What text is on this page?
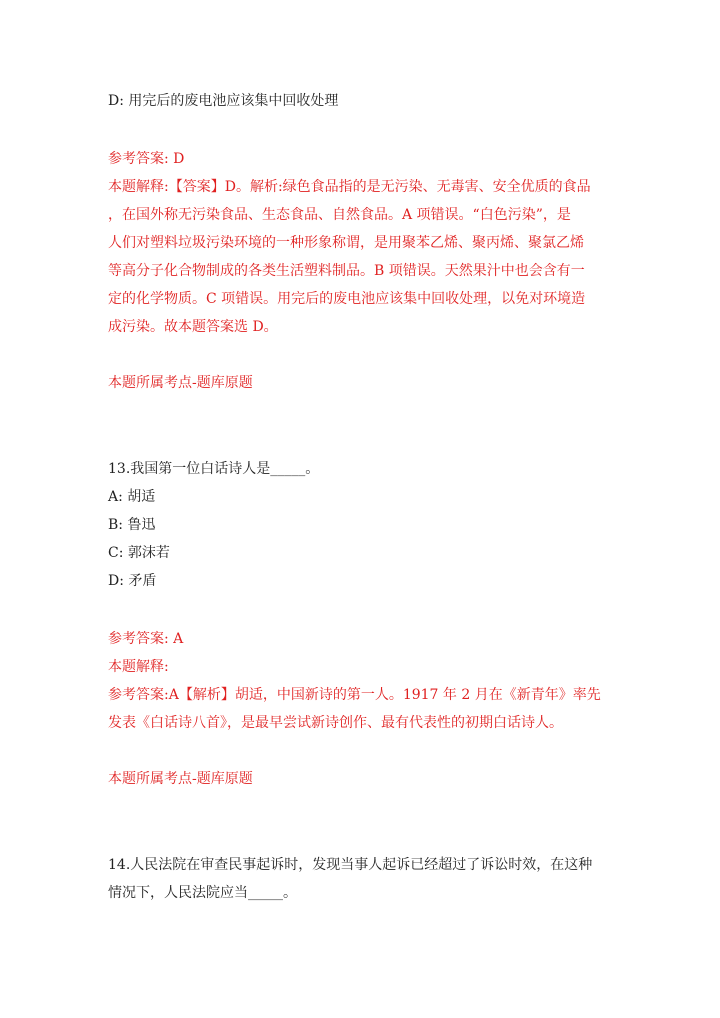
D: 用完后的废电池应该集中回收处理
参考答案: D
本题解释:【答案】D。解析:绿色食品指的是无污染、无毒害、安全优质的食品
，在国外称无污染食品、生态食品、自然食品。A 项错误。“白色污染”，是
人们对塑料垃圾污染环境的一种形象称谓，是用聚苯乙烯、聚丙烯、聚氯乙烯
等高分子化合物制成的各类生活塑料制品。B 项错误。天然果汁中也会含有一
定的化学物质。C 项错误。用完后的废电池应该集中回收处理，以免对环境造
成污染。故本题答案选 D。
本题所属考点-题库原题
13.我国第一位白话诗人是_____。
A: 胡适
B: 鲁迅
C: 郭沫若
D: 矛盾
参考答案: A
本题解释:
参考答案:A【解析】胡适，中国新诗的第一人。1917 年 2 月在《新青年》率先
发表《白话诗八首》，是最早尝试新诗创作、最有代表性的初期白话诗人。
本题所属考点-题库原题
14.人民法院在审查民事起诉时，发现当事人起诉已经超过了诉讼时效，在这种
情况下，人民法院应当_____。
